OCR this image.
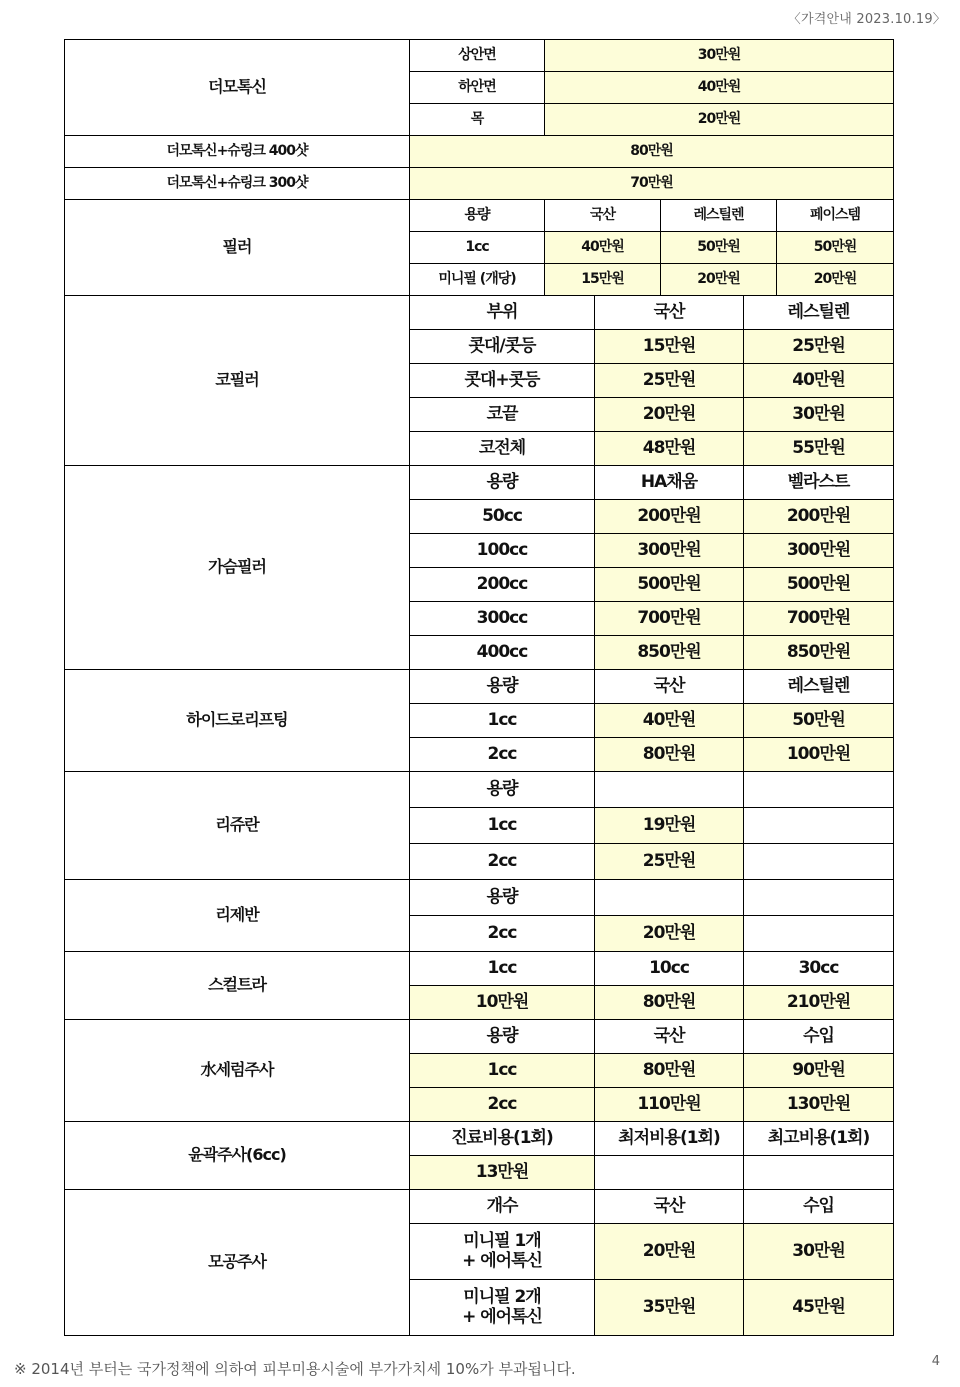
〈가격안내 2023.10.19〉
더모톡신	상안면	30만원		
	하안면	40만원		
	목	20만원		
더모톡신+슈링크 400샷	80만원			
더모톡신+슈링크 300샷	70만원			
필러	용량	국산	레스틸렌	페이스템
	1cc	40만원	50만원	50만원
	미니필 (개당)	15만원	20만원	20만원
코필러	부위	국산	레스틸렌
	콧대/콧등	15만원	25만원
	콧대+콧등	25만원	40만원
	코끝	20만원	30만원
	코전체	48만원	55만원
가슴필러	용량	HA채움	벨라스트
	50cc	200만원	200만원
	100cc	300만원	300만원
	200cc	500만원	500만원
	300cc	700만원	700만원
	400cc	850만원	850만원
하이드로리프팅	용량	국산	레스틸렌
	1cc	40만원	50만원
	2cc	80만원	100만원
리쥬란	용량		
	1cc	19만원	
	2cc	25만원	
리제반	용량		
	2cc	20만원	
스컬트라	1cc	10cc	30cc
	10만원	80만원	210만원
水세럼주사	용량	국산	수입
	1cc	80만원	90만원
	2cc	110만원	130만원
윤곽주사(6cc)	진료비용(1회)	최저비용(1회)	최고비용(1회)
	13만원		
모공주사	개수	국산	수입

	미니필 1개
+ 에어톡신	20만원	30만원

	미니필 2개
+ 에어톡신	35만원	45만원
4
※ 2014년 부터는 국가정책에 의하여 피부미용시술에 부가가치세 10%가 부과됩니다.
